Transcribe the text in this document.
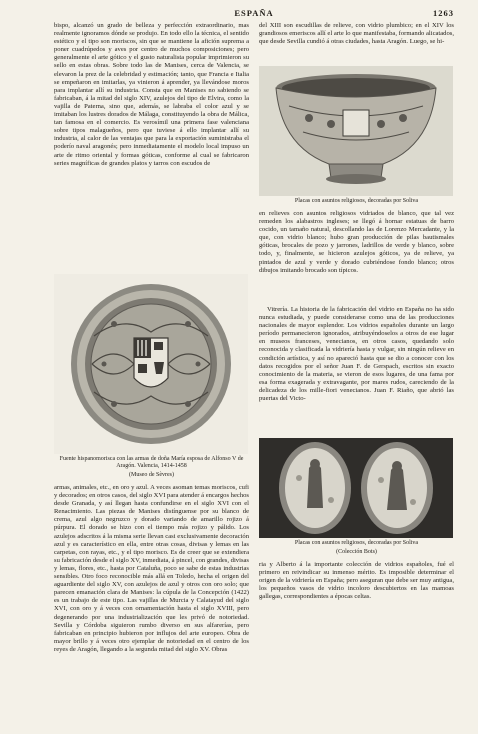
ESPAÑA	1263

bispo, alcanzó un grado de belleza y perfección extraordinario, mas realmente ignoramos dónde se produjo. En todo ello la técnica, el sentido estético y el tipo son moriscos, sin que se mantiene la afición suprema a poner cuadrúpedos y aves por centro de muchos composiciones; pero generalmente el arte gótico y el gusto naturalista popular imprimieron su sello en estas obras. Sobre todo las de Manises, cerca de Valencia, se elevaron la prez de la celebridad y estimación; tanto, que Francia e Italia se empeñaron en imitarlas, ya vinieron á aprender, ya llevándose moros para implantar allí su industria. Consta que en Manises no sabiendo se fabricaban, á la mitad del siglo XIV, azulejos del tipo de Elvira, como la vajilla de Paterna, sino que, además, se labraba el color azul y se imitaban los lustres dorados de Málaga, constituyendo la obra de Málica, tan famosa en el comercio. Es verosímil una primera fase valenciana sobre tipos malagueños, pero que tuviese á ello implantar allí su industria, al calor de las ventajas que para la exportación suministraba el poderío naval aragonés; pero inmediatamente el modelo local impuso un arte de ritmo oriental y formas góticas, conforme al cual se fabricaron series magníficas de grandes platos y tarros con escudos de

Fuente hispanomorisca con las armas de doña María esposa de Alfonso V de Aragón. Valencia, 1414-1458

(Museo de Sèvres)

armas, animales, etc., en oro y azul. A veces asoman temas moriscos, cufi y decorados; en otros casos, del siglo XVI para atender á encargos hechos desde Granada, y así llegan hasta confundirse en el siglo XVI con el Renacimiento. Las piezas de Manises distínguense por su blanco de crema, azul algo negruzco y dorado variando de amarillo rojizo á púrpura. El dorado se hizo con el tiempo más rojizo y pálido. Los azulejos adscritos á la misma serie llevan casi exclusivamente decoración azul y es característico en ella, entre otras cosas, divisas y lemas en las carpetas, con rayas, etc., y el tipo morisco. Es de creer que se extendiera su fabricación desde el siglo XV, inmediata, á pincel, con grandes, divisas y lemas, flores, etc., hasta por Cataluña, poco se sabe de estas industrias sensibles. Otro foco reconocible más allá en Toledo, hecha el origen del aguardiente del siglo XV, con azulejos de azul y otros con oro solo; que parecen emanación clara de Manises: la cúpula de la Concepción (1422) es un trabajo de este tipo. Las vajillas de Murcia y Calatayud del siglo XVI, con oro y á veces con ornamentación hasta el siglo XVIII, pero degenerando por una industrialización que les privó de notoriedad. Sevilla y Córdoba siguieron rumbo diverso en sus alfarerías, pero fabricaban en principio hubieron por influjos del arte europeo. Obra de mayor brillo y á veces otro ejemplar de notoriedad en el centro de los reyes de Aragón, llegando a la segunda mitad del siglo XV. Obras

del XIII son escudillas de relieve, con vidrio plumbico; en el XIV los grandiosos emeriscos allí el arte lo que manifestaba, formando alicatados, que desde Sevilla cundió á otras ciudades, hasta Aragón. Luego, se hi-

Placas con asuntos religiosos, decoradas por Soliva

en relieves con asuntos religiosos vidriados de blanco, que tal vez remeden los alabastros ingleses; se llegó á hornar estatuas de barro cocido, un tamaño natural, descollando las de Lorenzo Mercadante, y la que, con vidrio blanco; hubo gran producción de pilas bautismales góticas, brocales de pozo y jarrones, ladrillos de verde y blanco, sobre todo, y, finalmente, se hicieron azulejos góticos, ya de relieve, ya pintados de azul y verde y dorado cubriéndose fondo blanco; otros dibujos imitando brocado son típicos.

Vitrería. La historia de la fabricación del vidrio en España no ha sido nunca estudiada, y puede considerarse como una de las producciones nacionales de mayor esplendor. Los vidrios españoles durante un largo período permanecieron ignorados, atribuyéndoselos a otros de ese lugar en museos franceses, venecianos, en otros casos, quedando solo reconocida y clasificada la vidriería hasta y vulgar, sin ningún relieve en condición artística, y así no apareció hasta que se dio a conocer con los datos recogidos por el señor Juan F. de Gerspach, escritos sin exacto conocimiento de la materia, se vieron de esos lugares, de una fama por esa forma exagerada y extravagante, por mares rudos, careciendo de la delicadeza de los mille-fiori venecianos. Juan F. Riaño, que abrió las puertas del Victo-

Placas con asuntos religiosos, decoradas por Soliva

(Colección Bots)

ria y Alberto á la importante colección de vidrios españoles, fué el primero en reivindicar su inmenso mérito. Es imposible determinar el origen de la vidriería en España; pero aseguran que debe ser muy antigua, los pequeños vasos de vidrio incoloro descubiertos en las mamoas gallegas, correspondientes a épocas celtas.
